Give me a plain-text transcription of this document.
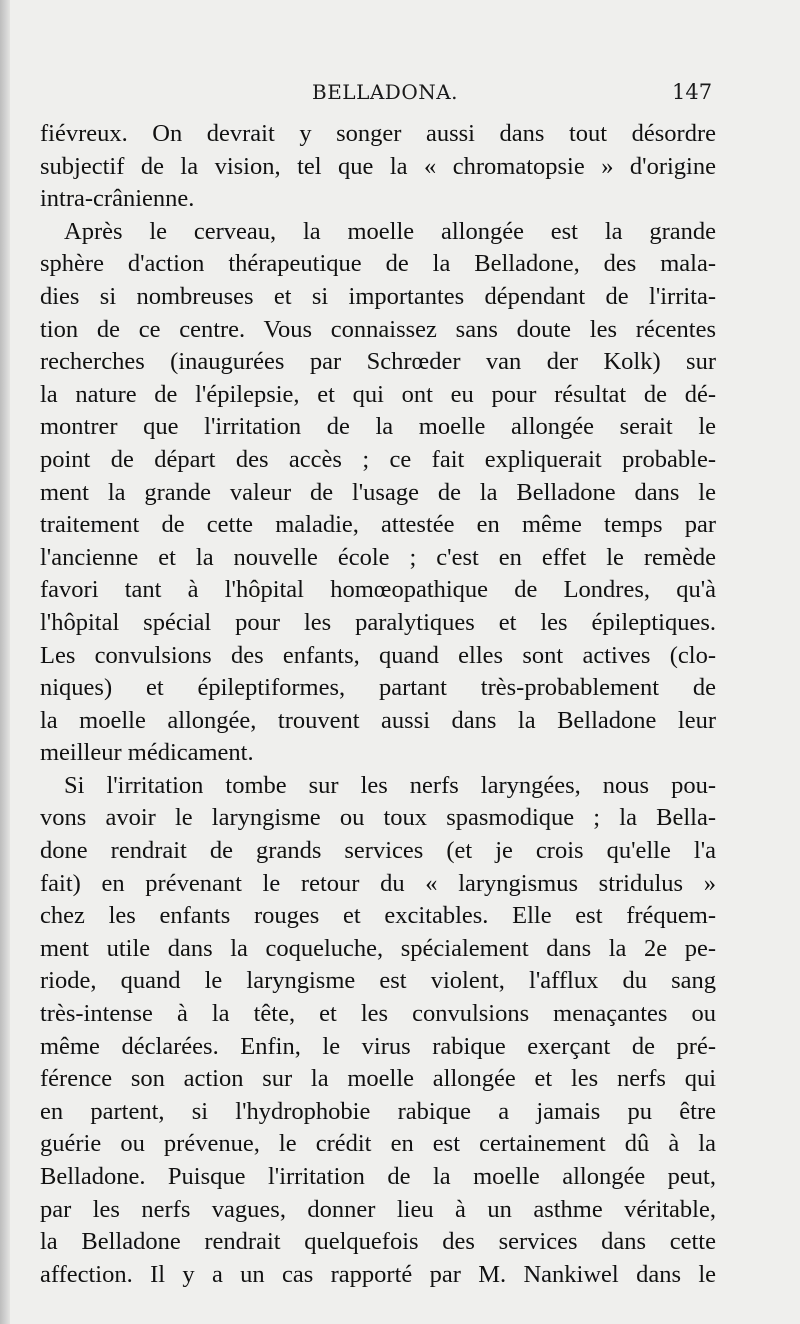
BELLADONA.	147
fiévreux. On devrait y songer aussi dans tout désordre
subjectif de la vision, tel que la « chromatopsie » d'origine
intra-crânienne.
Après le cerveau, la moelle allongée est la grande
sphère d'action thérapeutique de la Belladone, des mala-
dies si nombreuses et si importantes dépendant de l'irrita-
tion de ce centre. Vous connaissez sans doute les récentes
recherches (inaugurées par Schrœder van der Kolk) sur
la nature de l'épilepsie, et qui ont eu pour résultat de dé-
montrer que l'irritation de la moelle allongée serait le
point de départ des accès ; ce fait expliquerait probable-
ment la grande valeur de l'usage de la Belladone dans le
traitement de cette maladie, attestée en même temps par
l'ancienne et la nouvelle école ; c'est en effet le remède
favori tant à l'hôpital homœopathique de Londres, qu'à
l'hôpital spécial pour les paralytiques et les épileptiques.
Les convulsions des enfants, quand elles sont actives (clo-
niques) et épileptiformes, partant très-probablement de
la moelle allongée, trouvent aussi dans la Belladone leur
meilleur médicament.
Si l'irritation tombe sur les nerfs laryngées, nous pou-
vons avoir le laryngisme ou toux spasmodique ; la Bella-
done rendrait de grands services (et je crois qu'elle l'a
fait) en prévenant le retour du « laryngismus stridulus »
chez les enfants rouges et excitables. Elle est fréquem-
ment utile dans la coqueluche, spécialement dans la 2e pe-
riode, quand le laryngisme est violent, l'afflux du sang
très-intense à la tête, et les convulsions menaçantes ou
même déclarées. Enfin, le virus rabique exerçant de pré-
férence son action sur la moelle allongée et les nerfs qui
en partent, si l'hydrophobie rabique a jamais pu être
guérie ou prévenue, le crédit en est certainement dû à la
Belladone. Puisque l'irritation de la moelle allongée peut,
par les nerfs vagues, donner lieu à un asthme véritable,
la Belladone rendrait quelquefois des services dans cette
affection. Il y a un cas rapporté par M. Nankiwel dans le
